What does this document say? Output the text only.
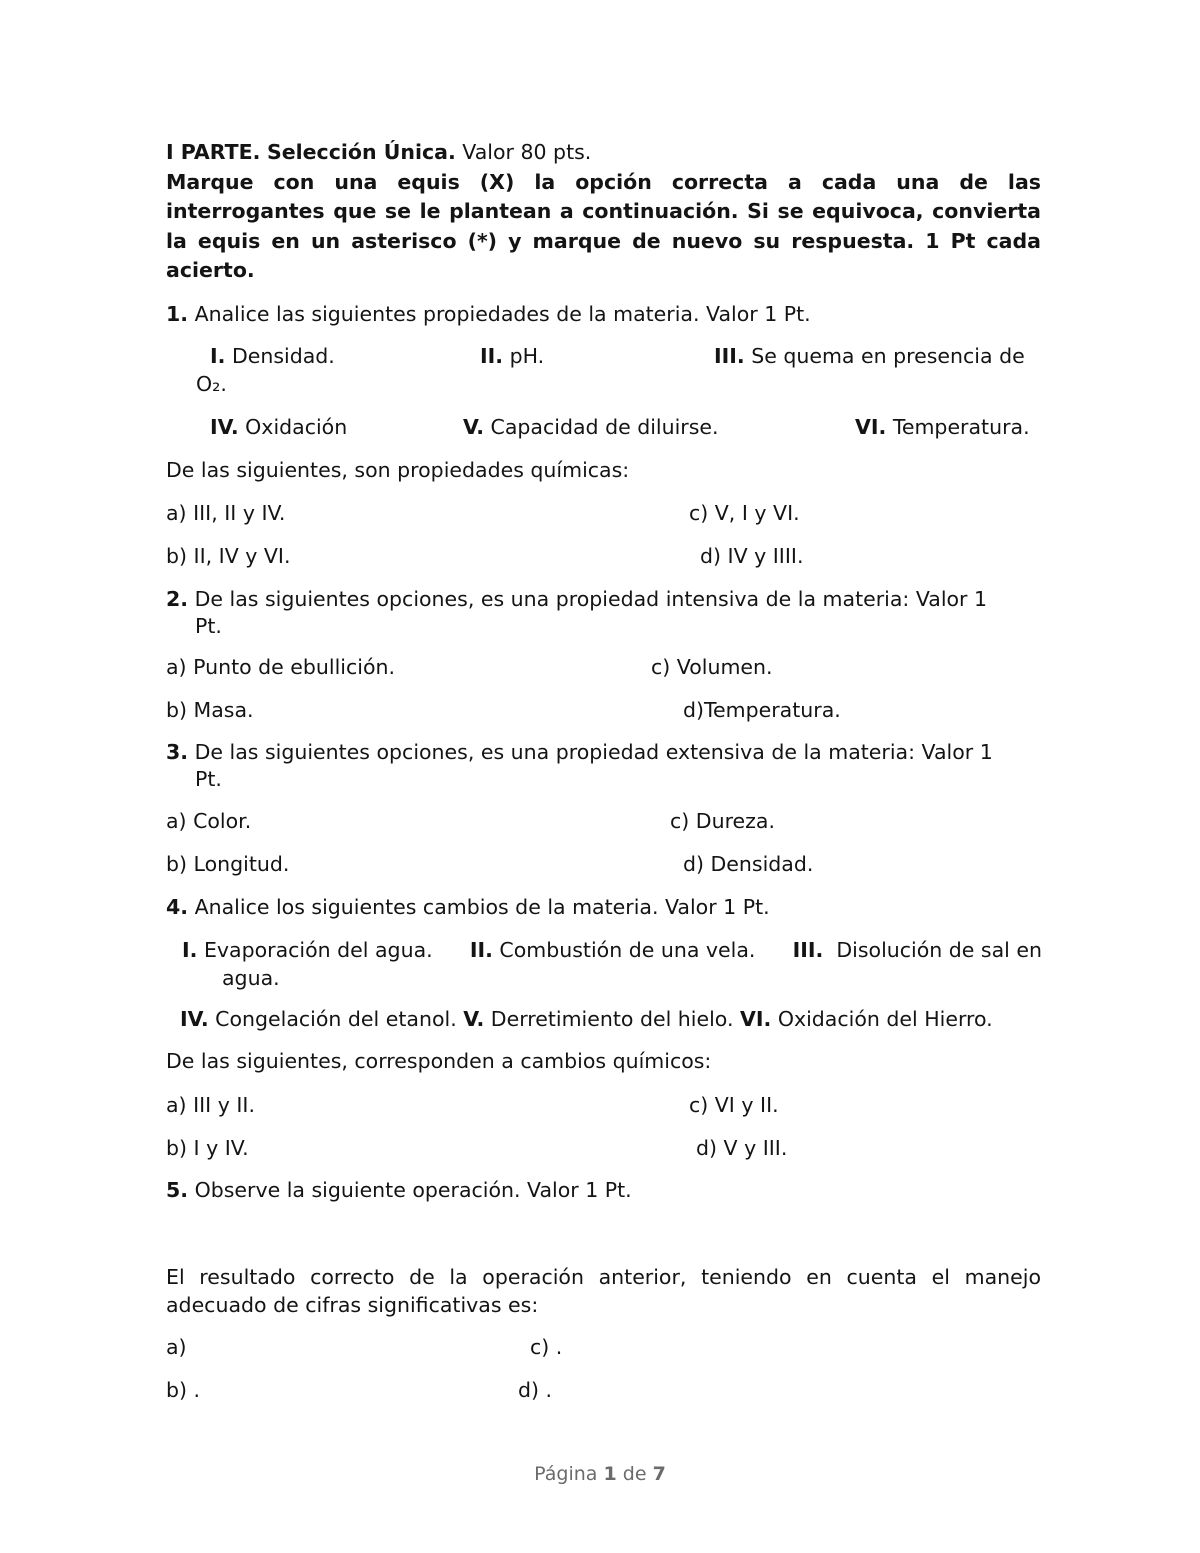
I PARTE. Selección Única. Valor 80 pts.
Marque con una equis (X) la opción correcta a cada una de las
interrogantes que se le plantean a continuación. Si se equivoca, convierta
la equis en un asterisco (*) y marque de nuevo su respuesta. 1 Pt cada
acierto.
1. Analice las siguientes propiedades de la materia. Valor 1 Pt.
I. Densidad.	II. pH.	III. Se quema en presencia de
O₂.
IV. Oxidación	V. Capacidad de diluirse.	VI. Temperatura.
De las siguientes, son propiedades químicas:
a) III, II y IV.	c) V, I y VI.
b) II, IV y VI.	d) IV y IIII.
2. De las siguientes opciones, es una propiedad intensiva de la materia: Valor 1
Pt.
a) Punto de ebullición.	c) Volumen.
b) Masa.	d)Temperatura.
3. De las siguientes opciones, es una propiedad extensiva de la materia: Valor 1
Pt.
a) Color.	c) Dureza.
b) Longitud.	d) Densidad.
4. Analice los siguientes cambios de la materia. Valor 1 Pt.
I. Evaporación del agua. II. Combustión de una vela. III. Disolución de sal en
agua.
IV. Congelación del etanol. V. Derretimiento del hielo. VI. Oxidación del Hierro.
De las siguientes, corresponden a cambios químicos:
a) III y II.	c) VI y II.
b) I y IV.	d) V y III.
5. Observe la siguiente operación. Valor 1 Pt.
El resultado correcto de la operación anterior, teniendo en cuenta el manejo
adecuado de cifras significativas es:
a)	c) .
b) .	d) .
Página 1 de 7
